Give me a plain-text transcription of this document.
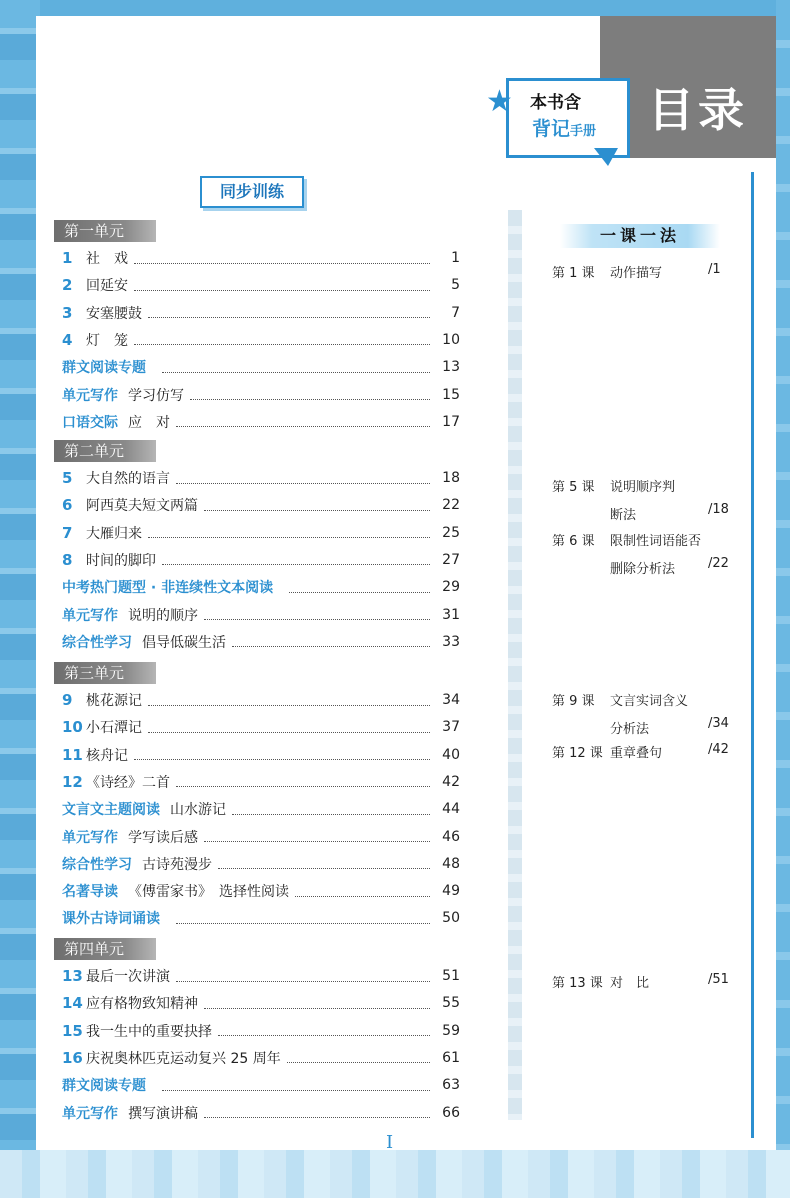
目录
★ 本书含
背记手册
同步训练
第一单元
1 社　戏	1
2 回延安	5
3 安塞腰鼓	7
4 灯　笼	10
群文阅读专题	13
单元写作 学习仿写	15
口语交际 应　对	17
第二单元
5 大自然的语言	18
6 阿西莫夫短文两篇	22
7 大雁归来	25
8 时间的脚印	27
中考热门题型 · 非连续性文本阅读	29
单元写作 说明的顺序	31
综合性学习 倡导低碳生活	33
第三单元
9 桃花源记	34
10 小石潭记	37
11 核舟记	40
12 《诗经》二首	42
文言文主题阅读 山水游记	44
单元写作 学写读后感	46
综合性学习 古诗苑漫步	48
名著导读 《傅雷家书》　选择性阅读	49
课外古诗词诵读	50
第四单元
13 最后一次讲演	51
14 应有格物致知精神	55
15 我一生中的重要抉择	59
16 庆祝奥林匹克运动复兴 25 周年	61
群文阅读专题	63
单元写作 撰写演讲稿	66
一课一法
第 1 课 动作描写	/1
第 5 课 说明顺序判
断法	/18
第 6 课 限制性词语能否
删除分析法	/22
第 9 课 文言实词含义
分析法	/34
第 12 课 重章叠句	/42
第 13 课 对　比	/51
I
